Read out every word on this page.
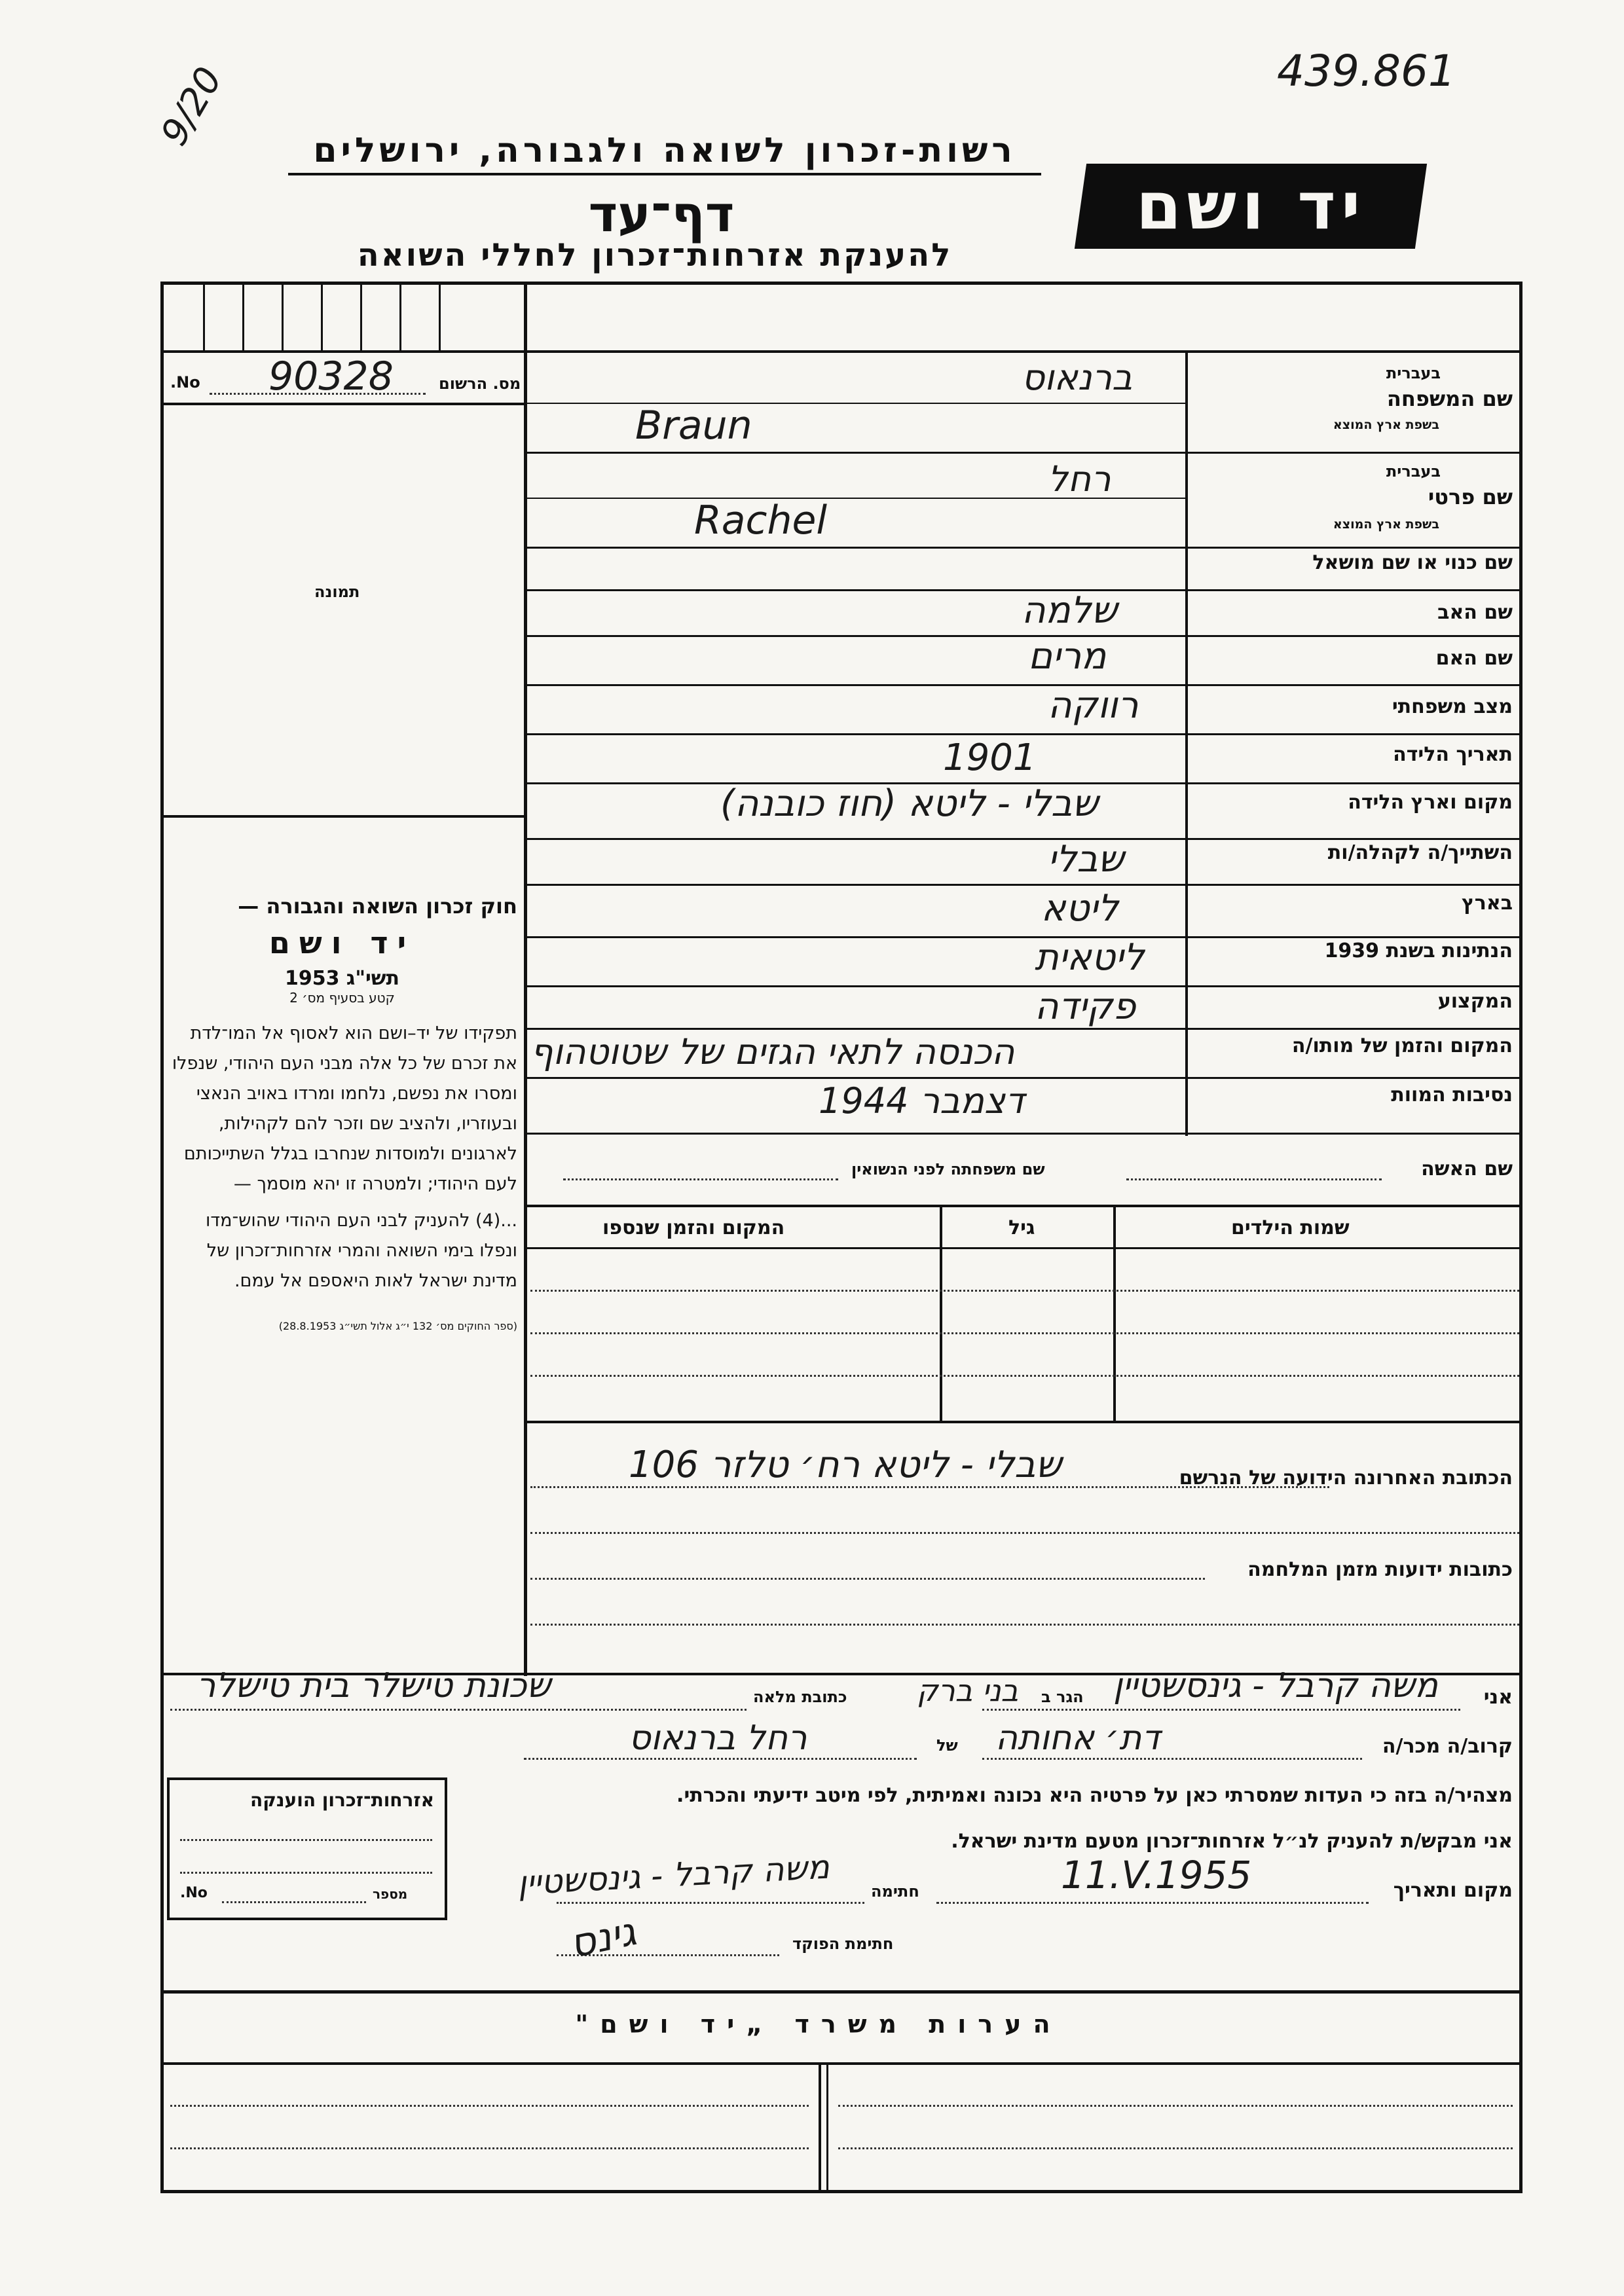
9/20	439.861
רשות-זכרון לשואה ולגבורה, ירושלים
דף־עד
להענקת אזרחות־זכרון לחללי השואה
יד ושם
No. 90328	מס. הרשום
תמונה
חוק זכרון השואה והגבורה —
יד ושם
תשי"ג 1953
קטע בסעיף מס׳ 2

תפקידו של יד–ושם הוא לאסוף אל המו־לדת את זכרם של כל אלה מבני העם היהודי, שנפלו ומסרו את נפשם, נלחמו ומרדו באויב הנאצי ובעוזריו, ולהציב שם וזכר להם לקהילות, לארגונים ולמוסדות שנחרבו בגלל השתייכותם לעם היהודי; ולמטרה זו יהא מוסמך —

...(4) להעניק לבני העם היהודי שהוש־מדו ונפלו בימי השואה והמרי אזרחות־זכרון של מדינת ישראל לאות היאספם אל עמם.

(ספר החוקים מס׳ 132 י״ג אלול תשי״ג 28.8.1953)

שם המשפחה
בעברית
בשפת ארץ המוצא
ברנאוס
Braun
שם פרטי
בעברית
בשפת ארץ המוצא
רחל
Rachel
שם כנוי או שם מושאל
שם האב
שלמה
שם האם
מרים
מצב משפחתי
רווקה
תאריך הלידה
1901
מקום וארץ הלידה
שבלי - ליטא (חוז כובנה)
השתייך/ה לקהלה/ות
שבלי
בארץ
ליטא
הנתינות בשנת 1939
ליטאית
המקצוע
פקידה
המקום והזמן של מותו/ה
הכנסה לתאי הגזים של שטוטהוף
נסיבות המוות
דצמבר 1944
שם האשה
שם משפחתה לפני הנשואין
שמות הילדים
גיל
המקום והזמן שנספו
הכתובת האחרונה הידועה של הנרשם
שבלי - ליטא רח׳ טלזר 106
כתובות ידועות מזמן המלחמה
אני
משה קרבל - גינסשטיין
הגר ב
בני ברק
כתובת מלאה
שכונת טישלר בית טישלר
קרוב/ה מכר/ה
דת׳ אחותה
של
רחל ברנאוס
מצהיר/ה בזה כי העדות שמסרתי כאן על פרטיה היא נכונה ואמיתית, לפי מיטב ידיעתי והכרתי.
אני מבקש/ת להעניק לנ״ל אזרחות־זכרון מטעם מדינת ישראל.
מקום ותאריך
11.V.1955
חתימה
משה קרבל - גינסשטיין
חתימת הפוקד
גינס
אזרחות־זכרון הוענקה
No.	מספר
הערות משרד „יד ושם"
